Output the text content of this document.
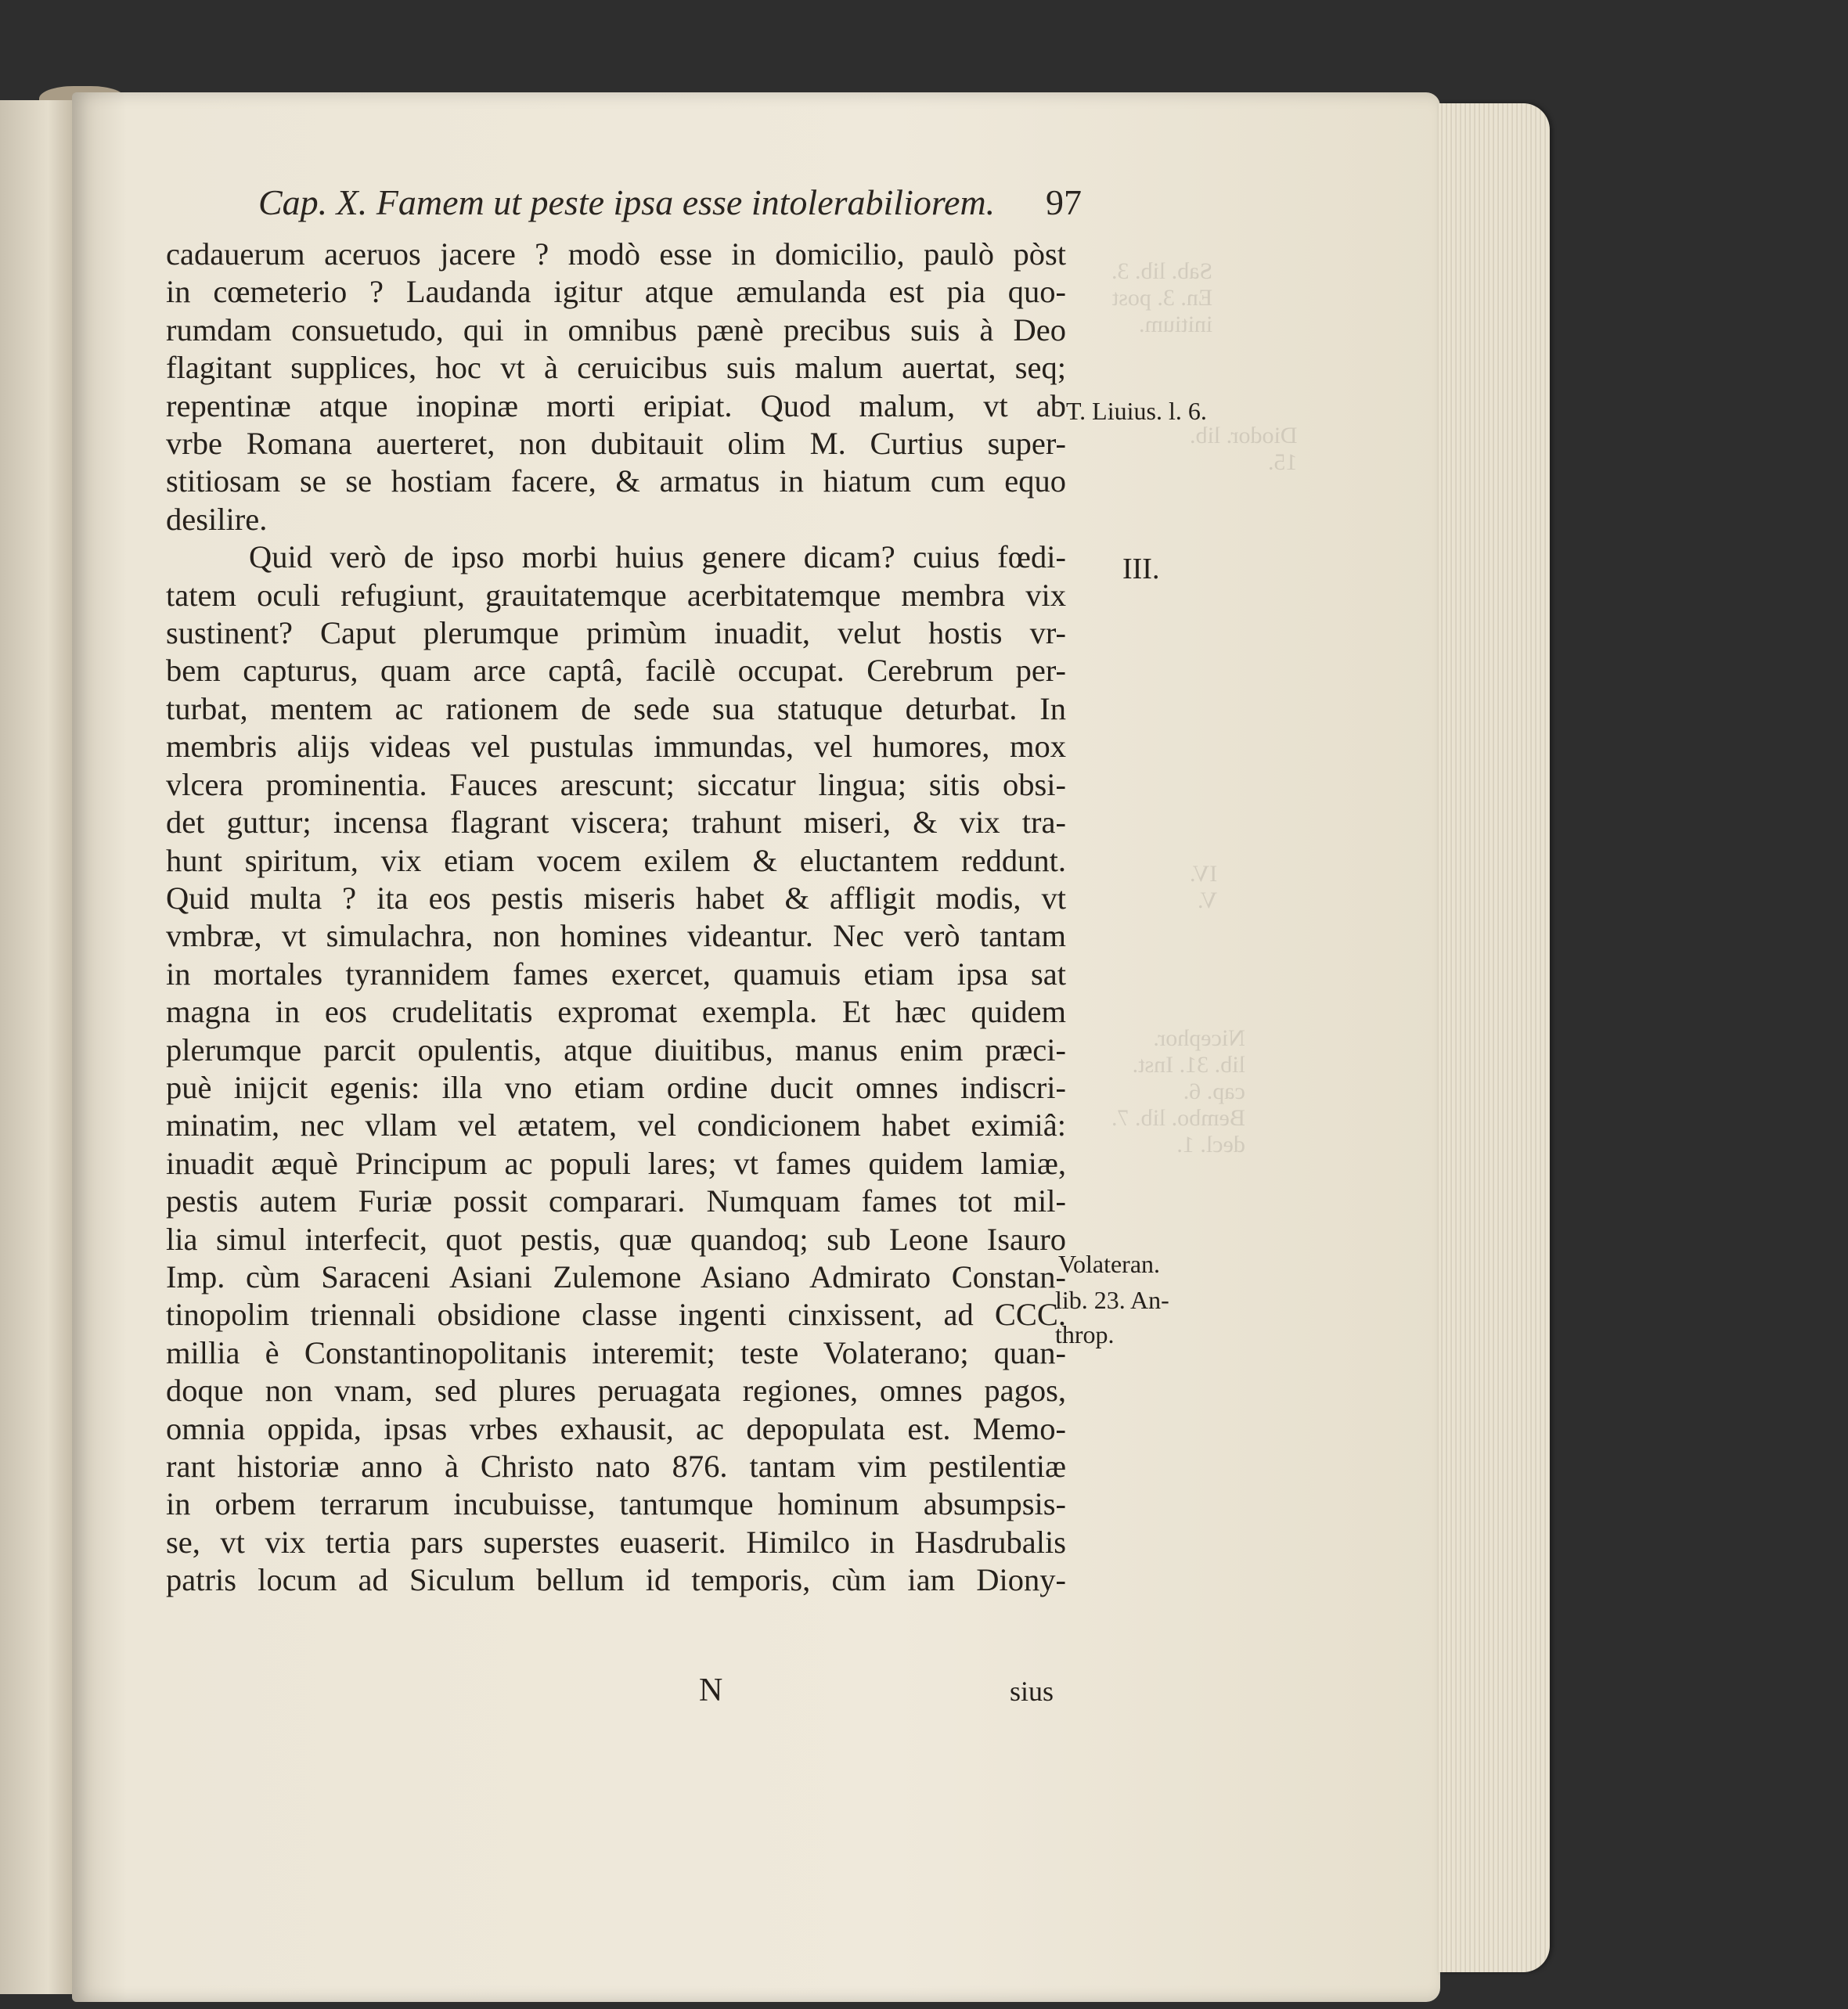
Sab. lib. 3.
En. 3. post
initium.
Diodor. lib.
15.
IV.
V.
Nicephor.
lib. 31. Inst.
cap. 6.
Bembo. lib. 7.
decl. 1.
Cap. X. Famem ut peste ipsa esse intolerabiliorem. 97
cadauerum aceruos jacere ? modò esse in domicilio, paulò pòst
in cœmeterio ? Laudanda igitur atque æmulanda est pia quo-
rumdam consuetudo, qui in omnibus pænè precibus suis à Deo
flagitant supplices, hoc vt à ceruicibus suis malum auertat, seq;
repentinæ atque inopinæ morti eripiat. Quod malum, vt ab
vrbe Romana auerteret, non dubitauit olim M. Curtius super-
stitiosam se se hostiam facere, & armatus in hiatum cum equo
desilire.
Quid verò de ipso morbi huius genere dicam? cuius fœdi-
tatem oculi refugiunt, grauitatemque acerbitatemque membra vix
sustinent? Caput plerumque primùm inuadit, velut hostis vr-
bem capturus, quam arce captâ, facilè occupat. Cerebrum per-
turbat, mentem ac rationem de sede sua statuque deturbat. In
membris alijs videas vel pustulas immundas, vel humores, mox
vlcera prominentia. Fauces arescunt; siccatur lingua; sitis obsi-
det guttur; incensa flagrant viscera; trahunt miseri, & vix tra-
hunt spiritum, vix etiam vocem exilem & eluctantem reddunt.
Quid multa ? ita eos pestis miseris habet & affligit modis, vt
vmbræ, vt simulachra, non homines videantur. Nec verò tantam
in mortales tyrannidem fames exercet, quamuis etiam ipsa sat
magna in eos crudelitatis expromat exempla. Et hæc quidem
plerumque parcit opulentis, atque diuitibus, manus enim præci-
puè inijcit egenis: illa vno etiam ordine ducit omnes indiscri-
minatim, nec vllam vel ætatem, vel condicionem habet eximiâ:
inuadit æquè Principum ac populi lares; vt fames quidem lamiæ,
pestis autem Furiæ possit comparari. Numquam fames tot mil-
lia simul interfecit, quot pestis, quæ quandoq; sub Leone Isauro
Imp. cùm Saraceni Asiani Zulemone Asiano Admirato Constan-
tinopolim triennali obsidione classe ingenti cinxissent, ad CCC.
millia è Constantinopolitanis interemit; teste Volaterano; quan-
doque non vnam, sed plures peruagata regiones, omnes pagos,
omnia oppida, ipsas vrbes exhausit, ac depopulata est. Memo-
rant historiæ anno à Christo nato 876. tantam vim pestilentiæ
in orbem terrarum incubuisse, tantumque hominum absumpsis-
se, vt vix tertia pars superstes euaserit. Himilco in Hasdrubalis
patris locum ad Siculum bellum id temporis, cùm iam Diony-
T. Liuius. l. 6.
III.
Volateran.
lib. 23. An-
throp.
N	sius
